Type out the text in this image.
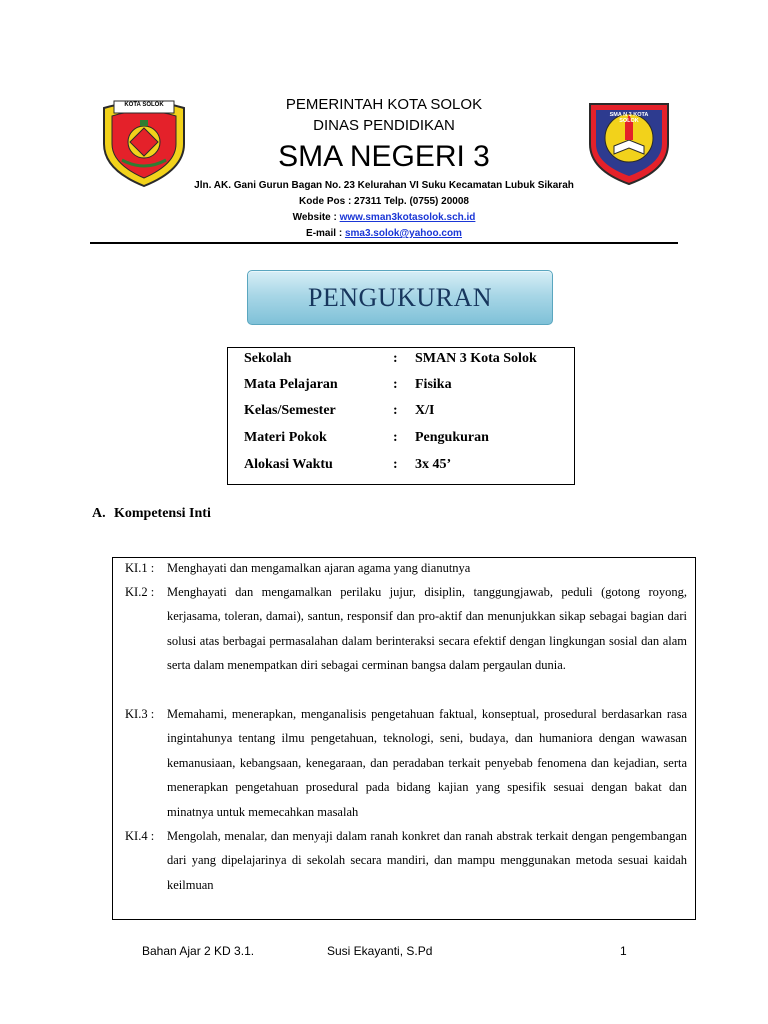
KOTA SOLOK
SMA N 3 KOTA SOLOK
PEMERINTAH KOTA SOLOK
DINAS PENDIDIKAN
SMA NEGERI 3
Jln. AK. Gani Gurun Bagan No. 23 Kelurahan VI Suku Kecamatan Lubuk Sikarah
Kode Pos : 27311 Telp. (0755) 20008
Website : www.sman3kotasolok.sch.id
E-mail : sma3.solok@yahoo.com
PENGUKURAN
Sekolah	: SMAN 3 Kota Solok
Mata Pelajaran	: Fisika
Kelas/Semester	: X/I
Materi Pokok	: Pengukuran
Alokasi Waktu	: 3x 45’
A. Kompetensi Inti
KI.1 : Menghayati dan mengamalkan ajaran agama yang dianutnya
KI.2 : Menghayati dan mengamalkan perilaku jujur, disiplin, tanggungjawab, peduli (gotong royong, kerjasama, toleran, damai), santun, responsif dan pro-aktif dan menunjukkan sikap sebagai bagian dari solusi atas berbagai permasalahan dalam berinteraksi secara efektif dengan lingkungan sosial dan alam serta dalam menempatkan diri sebagai cerminan bangsa dalam pergaulan dunia.
KI.3 : Memahami, menerapkan, menganalisis pengetahuan faktual, konseptual, prosedural berdasarkan rasa ingintahunya tentang ilmu pengetahuan, teknologi, seni, budaya, dan humaniora dengan wawasan kemanusiaan, kebangsaan, kenegaraan, dan peradaban terkait penyebab fenomena dan kejadian, serta menerapkan pengetahuan prosedural pada bidang kajian yang spesifik sesuai dengan bakat dan minatnya untuk memecahkan masalah
KI.4 : Mengolah, menalar, dan menyaji dalam ranah konkret dan ranah abstrak terkait dengan pengembangan dari yang dipelajarinya di sekolah secara mandiri, dan mampu menggunakan metoda sesuai kaidah keilmuan
Bahan Ajar 2 KD 3.1.	Susi Ekayanti, S.Pd	1
